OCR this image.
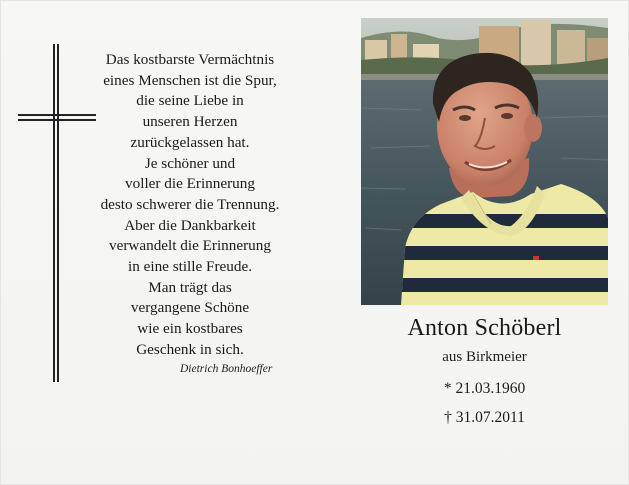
Das kostbarste Vermächtnis
eines Menschen ist die Spur,
die seine Liebe in
unseren Herzen
zurückgelassen hat.
Je schöner und
voller die Erinnerung
desto schwerer die Trennung.
Aber die Dankbarkeit
verwandelt die Erinnerung
in eine stille Freude.
Man trägt das
vergangene Schöne
wie ein kostbares
Geschenk in sich.
Dietrich Bonhoeffer
Anton Schöberl
aus Birkmeier
* 21.03.1960
† 31.07.2011
